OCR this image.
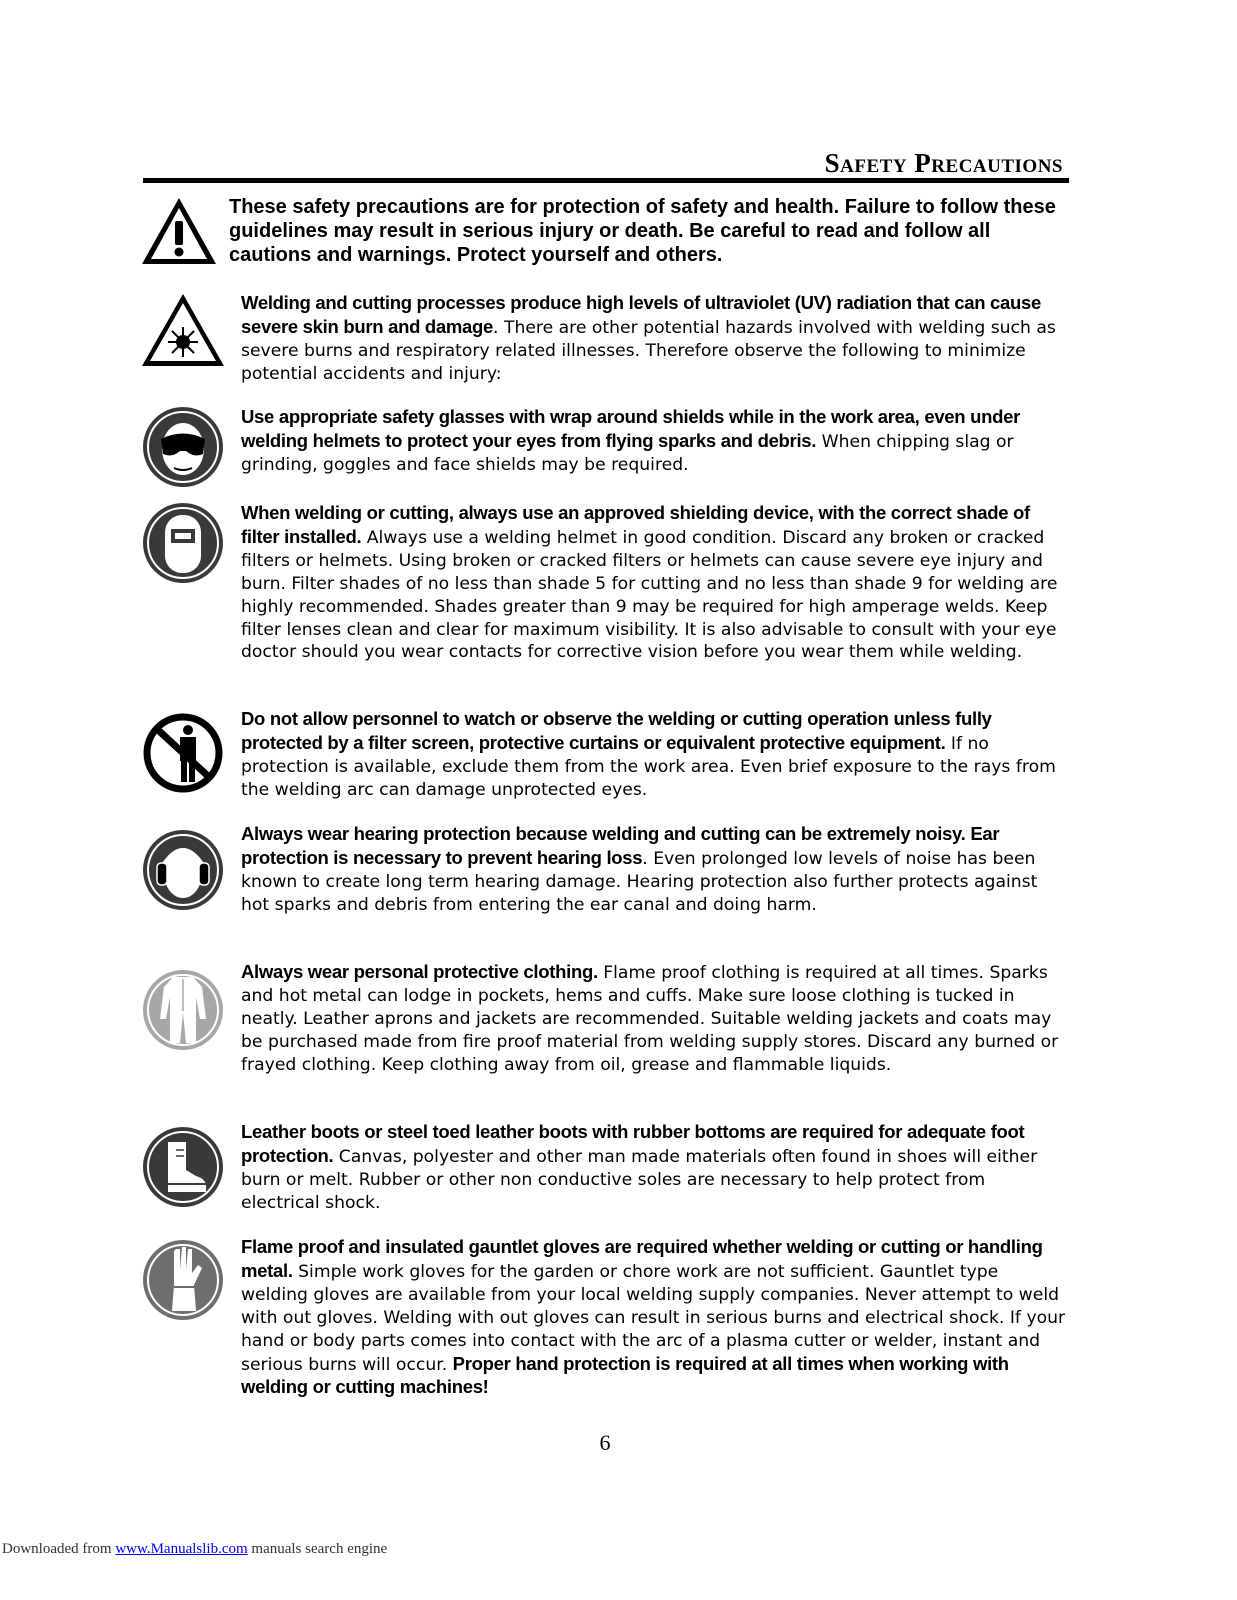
Safety Precautions
These safety precautions are for protection of safety and health. Failure to follow these guidelines may result in serious injury or death. Be careful to read and follow all cautions and warnings. Protect yourself and others.
Welding and cutting processes produce high levels of ultraviolet (UV) radiation that can cause severe skin burn and damage. There are other potential hazards involved with welding such as severe burns and respiratory related illnesses. Therefore observe the following to minimize potential accidents and injury:
Use appropriate safety glasses with wrap around shields while in the work area, even under welding helmets to protect your eyes from flying sparks and debris. When chipping slag or grinding, goggles and face shields may be required.
When welding or cutting, always use an approved shielding device, with the correct shade of filter installed. Always use a welding helmet in good condition. Discard any broken or cracked filters or helmets. Using broken or cracked filters or helmets can cause severe eye injury and burn. Filter shades of no less than shade 5 for cutting and no less than shade 9 for welding are highly recommended. Shades greater than 9 may be required for high amperage welds. Keep filter lenses clean and clear for maximum visibility. It is also advisable to consult with your eye doctor should you wear contacts for corrective vision before you wear them while welding.
Do not allow personnel to watch or observe the welding or cutting operation unless fully protected by a filter screen, protective curtains or equivalent protective equipment. If no protection is available, exclude them from the work area. Even brief exposure to the rays from the welding arc can damage unprotected eyes.
Always wear hearing protection because welding and cutting can be extremely noisy. Ear protection is necessary to prevent hearing loss. Even prolonged low levels of noise has been known to create long term hearing damage. Hearing protection also further protects against hot sparks and debris from entering the ear canal and doing harm.
Always wear personal protective clothing. Flame proof clothing is required at all times. Sparks and hot metal can lodge in pockets, hems and cuffs. Make sure loose clothing is tucked in neatly. Leather aprons and jackets are recommended. Suitable welding jackets and coats may be purchased made from fire proof material from welding supply stores. Discard any burned or frayed clothing. Keep clothing away from oil, grease and flammable liquids.
Leather boots or steel toed leather boots with rubber bottoms are required for adequate foot protection. Canvas, polyester and other man made materials often found in shoes will either burn or melt. Rubber or other non conductive soles are necessary to help protect from electrical shock.
Flame proof and insulated gauntlet gloves are required whether welding or cutting or handling metal. Simple work gloves for the garden or chore work are not sufficient. Gauntlet type welding gloves are available from your local welding supply companies. Never attempt to weld with out gloves. Welding with out gloves can result in serious burns and electrical shock. If your hand or body parts comes into contact with the arc of a plasma cutter or welder, instant and serious burns will occur. Proper hand protection is required at all times when working with welding or cutting machines!
6
Downloaded from www.Manualslib.com manuals search engine
